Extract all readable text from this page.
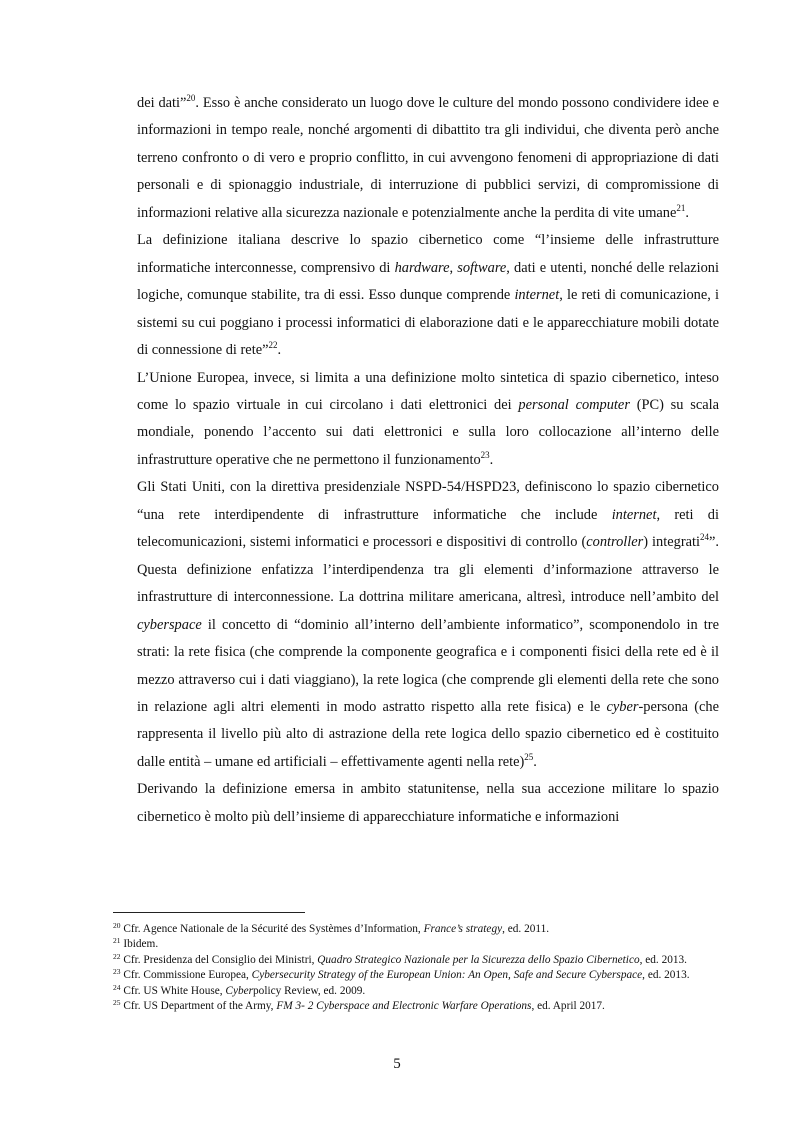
dei dati”$^{20}$. Esso è anche considerato un luogo dove le culture del mondo possono condividere idee e informazioni in tempo reale, nonché argomenti di dibattito tra gli individui, che diventa però anche terreno confronto o di vero e proprio conflitto, in cui avvengono fenomeni di appropriazione di dati personali e di spionaggio industriale, di interruzione di pubblici servizi, di compromissione di informazioni relative alla sicurezza nazionale e potenzialmente anche la perdita di vite umane$^{21}$.

La definizione italiana descrive lo spazio cibernetico come “l’insieme delle infrastrutture informatiche interconnesse, comprensivo di hardware, software, dati e utenti, nonché delle relazioni logiche, comunque stabilite, tra di essi. Esso dunque comprende internet, le reti di comunicazione, i sistemi su cui poggiano i processi informatici di elaborazione dati e le apparecchiature mobili dotate di connessione di rete”$^{22}$.

L’Unione Europea, invece, si limita a una definizione molto sintetica di spazio cibernetico, inteso come lo spazio virtuale in cui circolano i dati elettronici dei personal computer (PC) su scala mondiale, ponendo l’accento sui dati elettronici e sulla loro collocazione all’interno delle infrastrutture operative che ne permettono il funzionamento$^{23}$.

Gli Stati Uniti, con la direttiva presidenziale NSPD-54/HSPD23, definiscono lo spazio cibernetico “una rete interdipendente di infrastrutture informatiche che include internet, reti di telecomunicazioni, sistemi informatici e processori e dispositivi di controllo (controller) integrati$^{24}$”. Questa definizione enfatizza l’interdipendenza tra gli elementi d’informazione attraverso le infrastrutture di interconnessione. La dottrina militare americana, altresì, introduce nell’ambito del cyberspace il concetto di “dominio all’interno dell’ambiente informatico”, scomponendolo in tre strati: la rete fisica (che comprende la componente geografica e i componenti fisici della rete ed è il mezzo attraverso cui i dati viaggiano), la rete logica (che comprende gli elementi della rete che sono in relazione agli altri elementi in modo astratto rispetto alla rete fisica) e le cyber-persona (che rappresenta il livello più alto di astrazione della rete logica dello spazio cibernetico ed è costituito dalle entità – umane ed artificiali – effettivamente agenti nella rete)$^{25}$.

Derivando la definizione emersa in ambito statunitense, nella sua accezione militare lo spazio cibernetico è molto più dell’insieme di apparecchiature informatiche e informazioni

$^{20}$ Cfr. Agence Nationale de la Sécurité des Systèmes d’Information, France’s strategy, ed. 2011.

$^{21}$ Ibidem.

$^{22}$ Cfr. Presidenza del Consiglio dei Ministri, Quadro Strategico Nazionale per la Sicurezza dello Spazio Cibernetico, ed. 2013.

$^{23}$ Cfr. Commissione Europea, Cybersecurity Strategy of the European Union: An Open, Safe and Secure Cyberspace, ed. 2013.

$^{24}$ Cfr. US White House, Cyberpolicy Review, ed. 2009.

$^{25}$ Cfr. US Department of the Army, FM 3- 2 Cyberspace and Electronic Warfare Operations, ed. April 2017.

5
